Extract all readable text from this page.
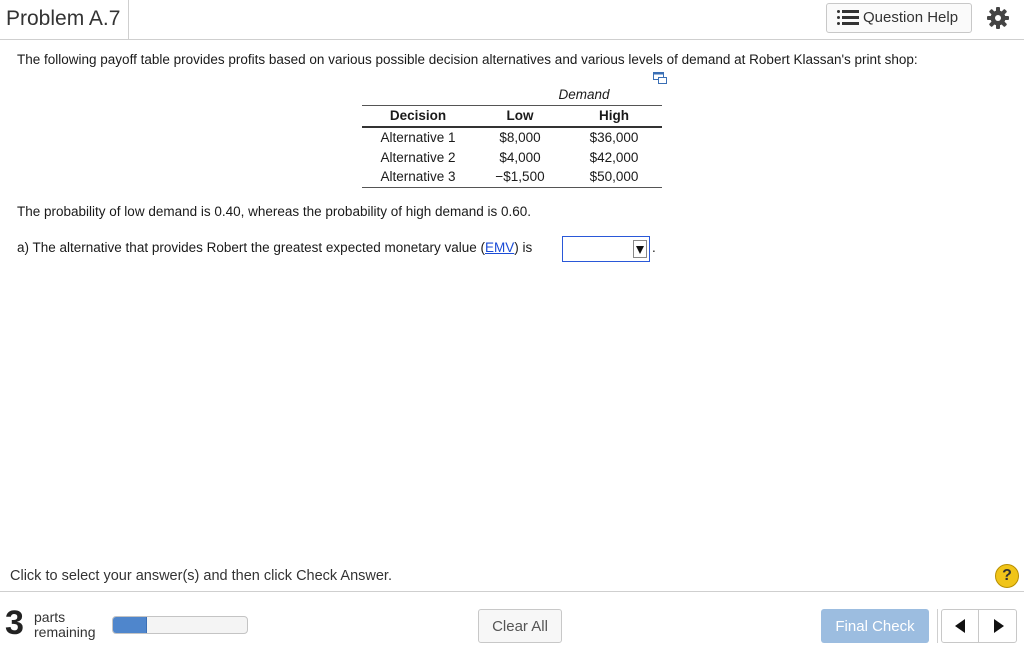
Problem A.7	Question Help
The following payoff table provides profits based on various possible decision alternatives and various levels of demand at Robert Klassan's print shop:
Demand
Decision	Low	High
Alternative 1	$8,000	$36,000
Alternative 2	$4,000	$42,000
Alternative 3	−$1,500	$50,000
The probability of low demand is 0.40, whereas the probability of high demand is 0.60.
a) The alternative that provides Robert the greatest expected monetary value (EMV) is	.
Click to select your answer(s) and then click Check Answer.	?
3 parts
remaining	Clear All	Final Check
